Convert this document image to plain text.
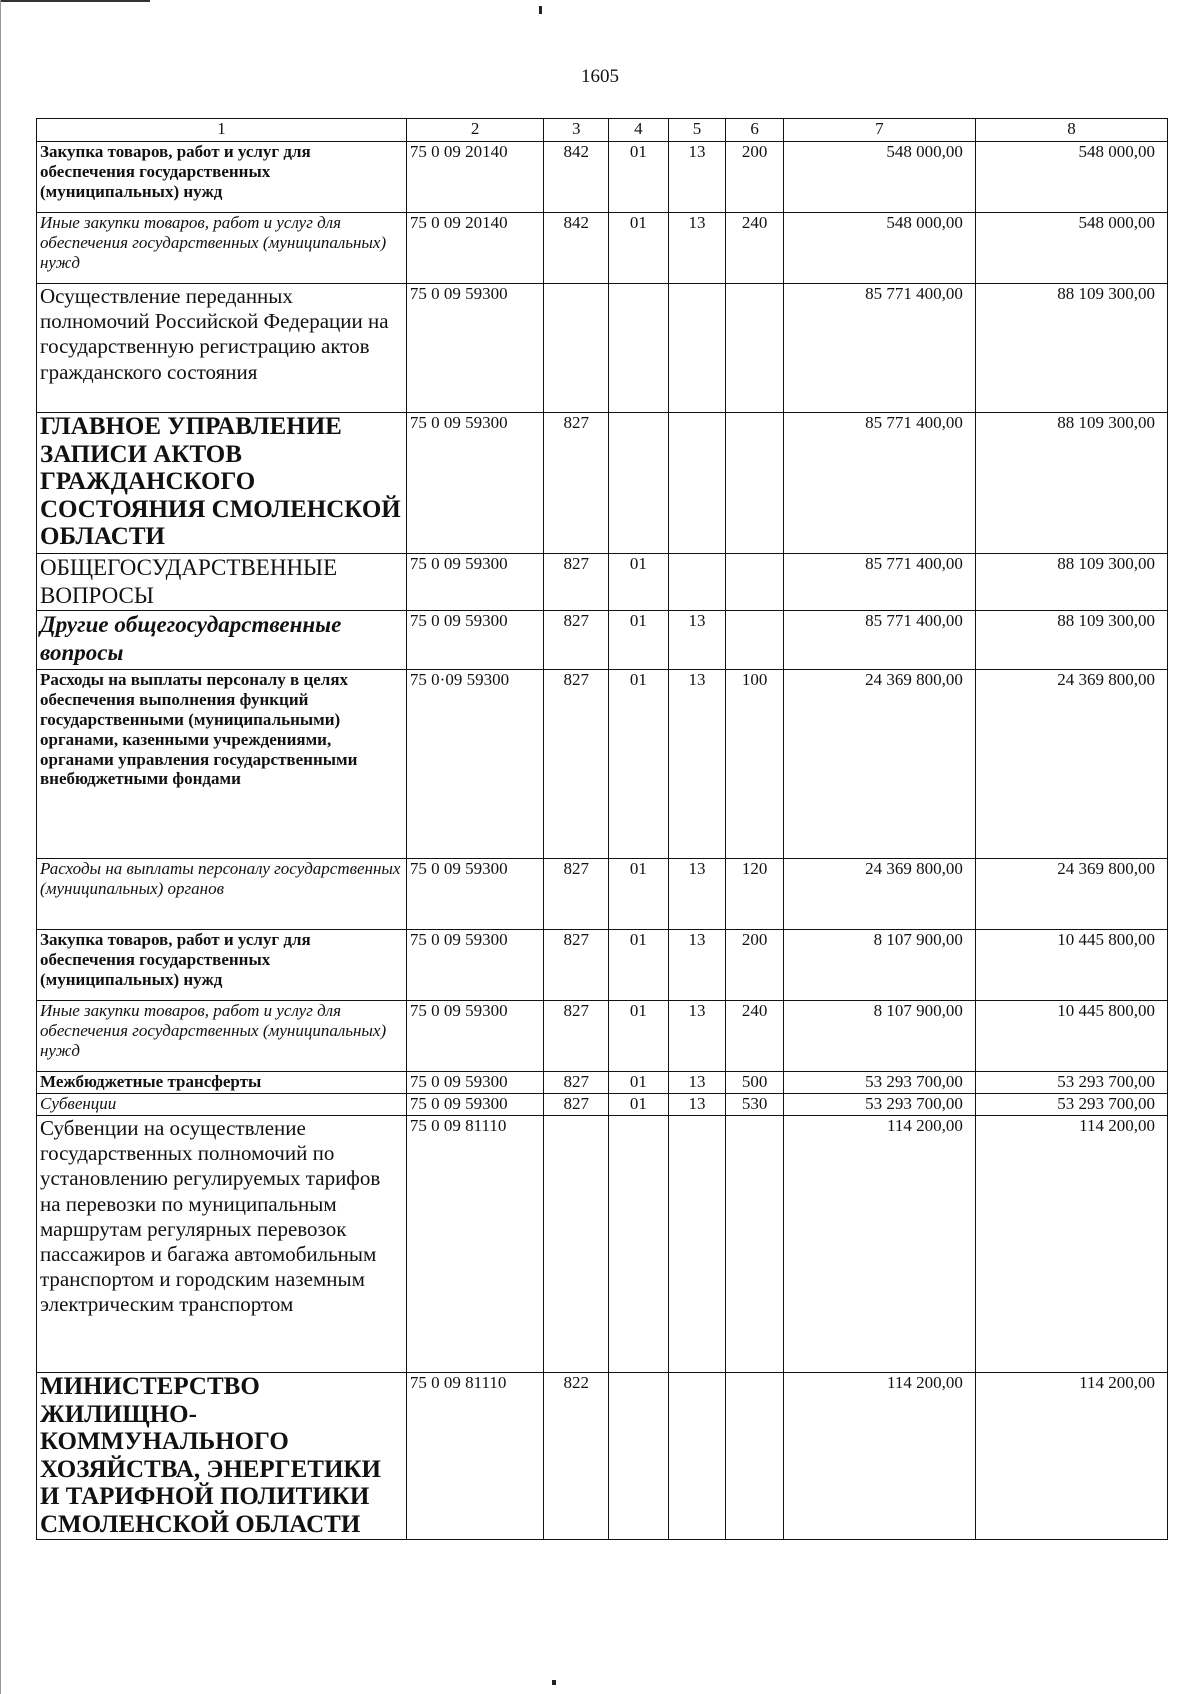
1605
1	2	3	4	5	6	7	8
Закупка товаров, работ и услуг для обеспечения государственных (муниципальных) нужд	75 0 09 20140	842	01	13	200	548 000,00	548 000,00
Иные закупки товаров, работ и услуг для обеспечения государственных (муниципальных) нужд	75 0 09 20140	842	01	13	240	548 000,00	548 000,00
Осуществление переданных полномочий Российской Федерации на государственную регистрацию актов гражданского состояния	75 0 09 59300					85 771 400,00	88 109 300,00
ГЛАВНОЕ УПРАВЛЕНИЕ ЗАПИСИ АКТОВ ГРАЖДАНСКОГО СОСТОЯНИЯ СМОЛЕНСКОЙ ОБЛАСТИ	75 0 09 59300	827				85 771 400,00	88 109 300,00
ОБЩЕГОСУДАРСТВЕННЫЕ ВОПРОСЫ	75 0 09 59300	827	01			85 771 400,00	88 109 300,00
Другие общегосударственные вопросы	75 0 09 59300	827	01	13		85 771 400,00	88 109 300,00
Расходы на выплаты персоналу в целях обеспечения выполнения функций государственными (муниципальными) органами, казенными учреждениями, органами управления государственными внебюджетными фондами	75 0·09 59300	827	01	13	100	24 369 800,00	24 369 800,00
Расходы на выплаты персоналу государственных (муниципальных) органов	75 0 09 59300	827	01	13	120	24 369 800,00	24 369 800,00
Закупка товаров, работ и услуг для обеспечения государственных (муниципальных) нужд	75 0 09 59300	827	01	13	200	8 107 900,00	10 445 800,00
Иные закупки товаров, работ и услуг для обеспечения государственных (муниципальных) нужд	75 0 09 59300	827	01	13	240	8 107 900,00	10 445 800,00
Межбюджетные трансферты	75 0 09 59300	827	01	13	500	53 293 700,00	53 293 700,00
Субвенции	75 0 09 59300	827	01	13	530	53 293 700,00	53 293 700,00
Субвенции на осуществление государственных полномочий по установлению регулируемых тарифов на перевозки по муниципальным маршрутам регулярных перевозок пассажиров и багажа автомобильным транспортом и городским наземным электрическим транспортом	75 0 09 81110					114 200,00	114 200,00
МИНИСТЕРСТВО ЖИЛИЩНО-КОММУНАЛЬНОГО ХОЗЯЙСТВА, ЭНЕРГЕТИКИ И ТАРИФНОЙ ПОЛИТИКИ СМОЛЕНСКОЙ ОБЛАСТИ	75 0 09 81110	822				114 200,00	114 200,00
